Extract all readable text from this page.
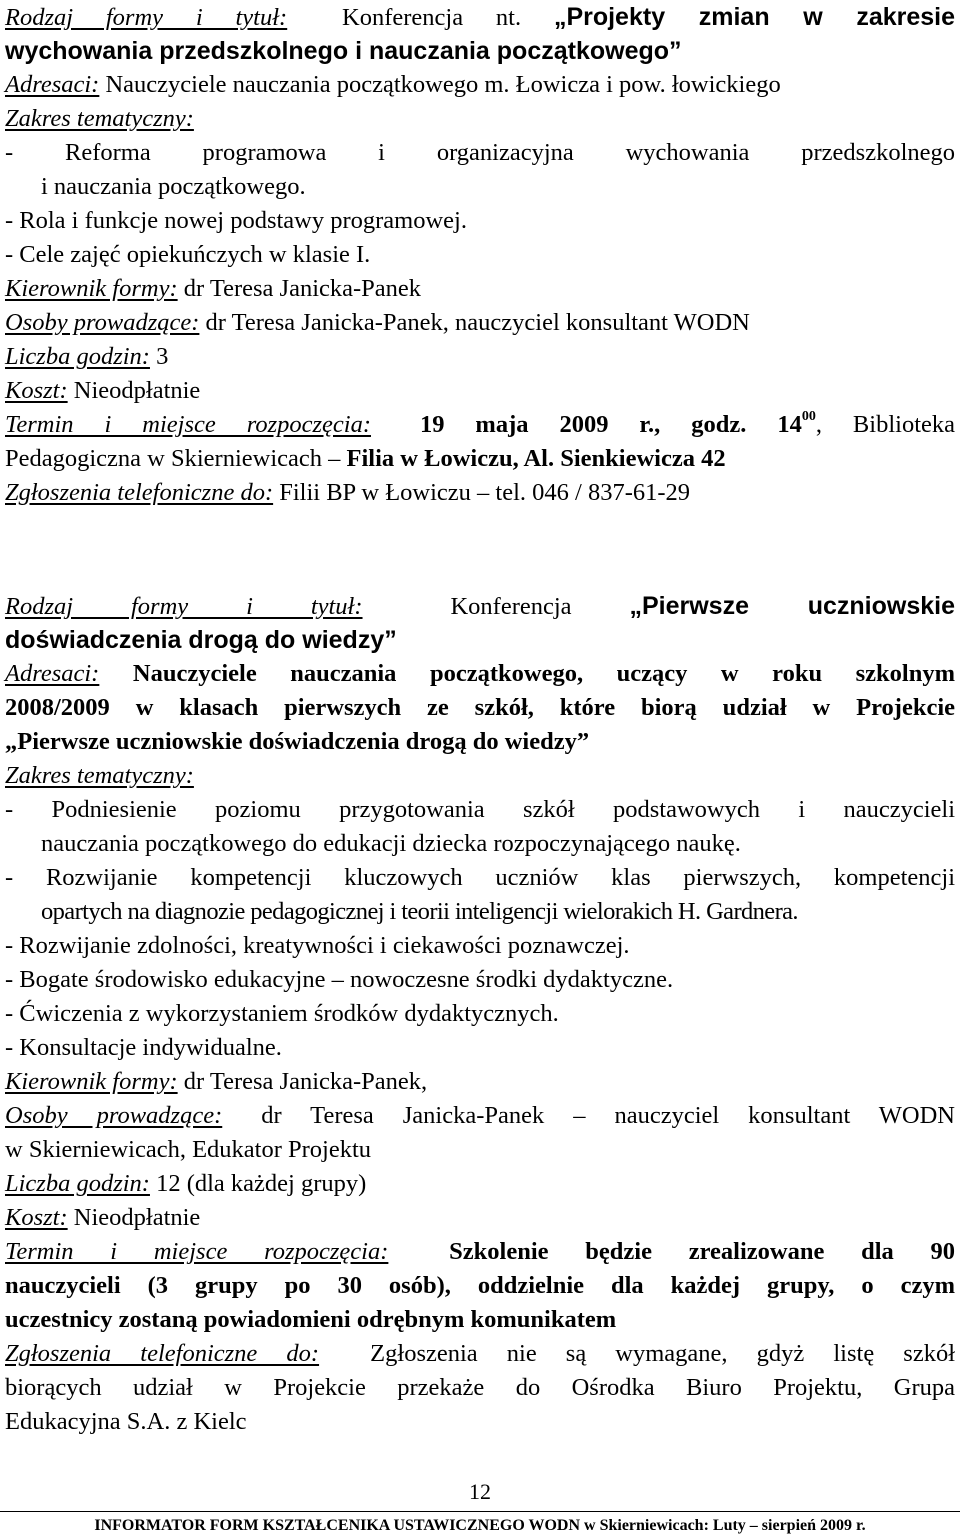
Rodzaj formy i tytuł: Konferencja nt. „Projekty zmian w zakresie
wychowania przedszkolnego i nauczania początkowego”
Adresaci: Nauczyciele nauczania początkowego m. Łowicza i pow. łowickiego
Zakres tematyczny:
- Reforma programowa i organizacyjna wychowania przedszkolnego
i nauczania początkowego.
- Rola i funkcje nowej podstawy programowej.
- Cele zajęć opiekuńczych w klasie I.
Kierownik formy: dr Teresa Janicka-Panek
Osoby prowadzące: dr Teresa Janicka-Panek, nauczyciel konsultant WODN
Liczba godzin: 3
Koszt: Nieodpłatnie
Termin i miejsce rozpoczęcia: 19 maja 2009 r., godz. $14^{00}$, Biblioteka
Pedagogiczna w Skierniewicach – Filia w Łowiczu, Al. Sienkiewicza 42
Zgłoszenia telefoniczne do: Filii BP w Łowiczu – tel. 046 / 837-61-29
Rodzaj formy i tytuł:	Konferencja „Pierwsze uczniowskie
doświadczenia drogą do wiedzy”
Adresaci: Nauczyciele nauczania początkowego, uczący w roku szkolnym
2008/2009 w klasach pierwszych ze szkół, które biorą udział w Projekcie
„Pierwsze uczniowskie doświadczenia drogą do wiedzy”
Zakres tematyczny:
- Podniesienie poziomu przygotowania szkół podstawowych i nauczycieli
nauczania początkowego do edukacji dziecka rozpoczynającego naukę.
- Rozwijanie kompetencji kluczowych uczniów klas pierwszych, kompetencji
opartych na diagnozie pedagogicznej i teorii inteligencji wielorakich H. Gardnera.
- Rozwijanie zdolności, kreatywności i ciekawości poznawczej.
- Bogate środowisko edukacyjne – nowoczesne środki dydaktyczne.
- Ćwiczenia z wykorzystaniem środków dydaktycznych.
- Konsultacje indywidualne.
Kierownik formy: dr Teresa Janicka-Panek,
Osoby prowadzące: dr Teresa Janicka-Panek – nauczyciel konsultant WODN
w Skierniewicach, Edukator Projektu
Liczba godzin: 12 (dla każdej grupy)
Koszt: Nieodpłatnie
Termin i miejsce rozpoczęcia: Szkolenie będzie zrealizowane dla 90
nauczycieli (3 grupy po 30 osób), oddzielnie dla każdej grupy, o czym
uczestnicy zostaną powiadomieni odrębnym komunikatem
Zgłoszenia telefoniczne do: Zgłoszenia nie są wymagane, gdyż listę szkół
biorących udział w Projekcie przekaże do Ośrodka Biuro Projektu, Grupa
Edukacyjna S.A. z Kielc
12
INFORMATOR FORM KSZTAŁCENIKA USTAWICZNEGO WODN w Skierniewicach: Luty – sierpień 2009 r.
